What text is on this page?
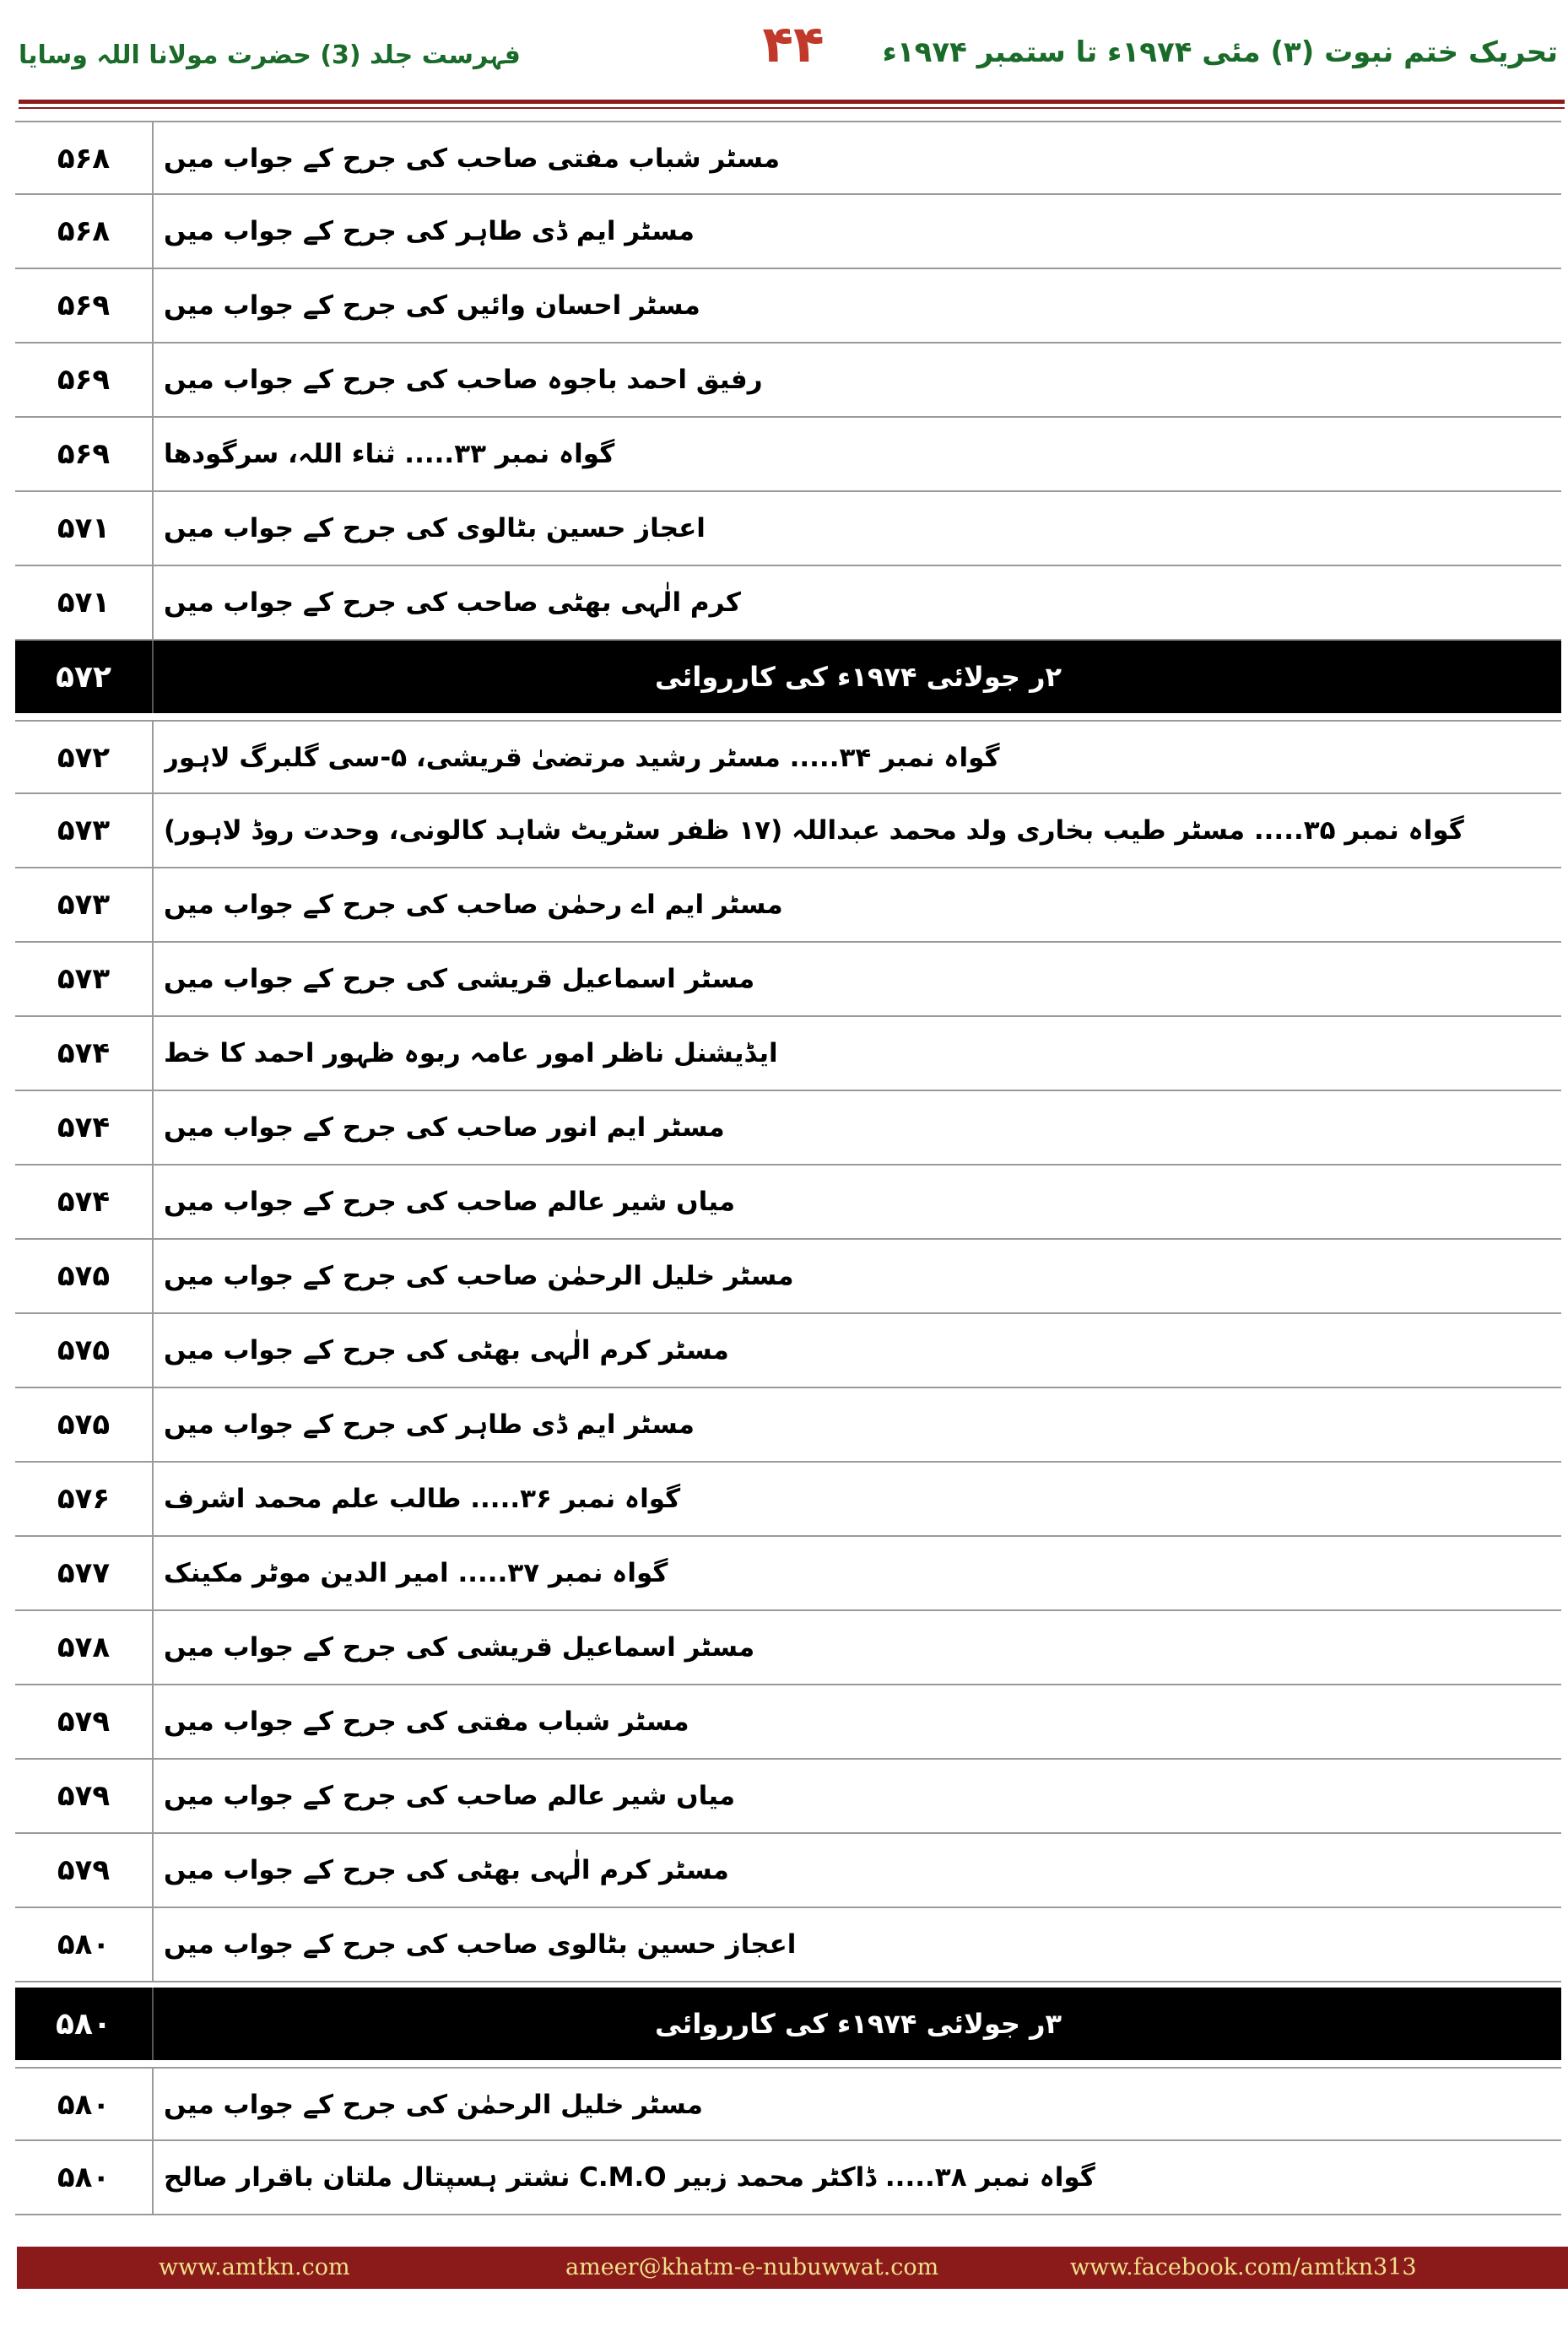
تحریک ختم نبوت (۳) مئی ۱۹۷۴ء تا ستمبر ۱۹۷۴ء
۴۴
فہرست جلد (3) حضرت مولانا اللہ وسایا
۵۶۸	مسٹر شباب مفتی صاحب کی جرح کے جواب میں
۵۶۸	مسٹر ایم ڈی طاہر کی جرح کے جواب میں
۵۶۹	مسٹر احسان وائیں کی جرح کے جواب میں
۵۶۹	رفیق احمد باجوہ صاحب کی جرح کے جواب میں
۵۶۹	گواہ نمبر ۳۳..... ثناء اللہ، سرگودھا
۵۷۱	اعجاز حسین بٹالوی کی جرح کے جواب میں
۵۷۱	کرم الٰہی بھٹی صاحب کی جرح کے جواب میں
۵۷۲	۲ر جولائی ۱۹۷۴ء کی کارروائی
۵۷۲	گواہ نمبر ۳۴..... مسٹر رشید مرتضیٰ قریشی، ۵-سی گلبرگ لاہور
۵۷۳	گواہ نمبر ۳۵..... مسٹر طیب بخاری ولد محمد عبداللہ (۱۷ ظفر سٹریٹ شاہد کالونی، وحدت روڈ لاہور)
۵۷۳	مسٹر ایم اے رحمٰن صاحب کی جرح کے جواب میں
۵۷۳	مسٹر اسماعیل قریشی کی جرح کے جواب میں
۵۷۴	ایڈیشنل ناظر امور عامہ ربوہ ظہور احمد کا خط
۵۷۴	مسٹر ایم انور صاحب کی جرح کے جواب میں
۵۷۴	میاں شیر عالم صاحب کی جرح کے جواب میں
۵۷۵	مسٹر خلیل الرحمٰن صاحب کی جرح کے جواب میں
۵۷۵	مسٹر کرم الٰہی بھٹی کی جرح کے جواب میں
۵۷۵	مسٹر ایم ڈی طاہر کی جرح کے جواب میں
۵۷۶	گواہ نمبر ۳۶..... طالب علم محمد اشرف
۵۷۷	گواہ نمبر ۳۷..... امیر الدین موٹر مکینک
۵۷۸	مسٹر اسماعیل قریشی کی جرح کے جواب میں
۵۷۹	مسٹر شباب مفتی کی جرح کے جواب میں
۵۷۹	میاں شیر عالم صاحب کی جرح کے جواب میں
۵۷۹	مسٹر کرم الٰہی بھٹی کی جرح کے جواب میں
۵۸۰	اعجاز حسین بٹالوی صاحب کی جرح کے جواب میں
۵۸۰	۳ر جولائی ۱۹۷۴ء کی کارروائی
۵۸۰	مسٹر خلیل الرحمٰن کی جرح کے جواب میں
۵۸۰	گواہ نمبر ۳۸..... ڈاکٹر محمد زبیر C.M.O نشتر ہسپتال ملتان باقرار صالح
www.amtkn.com	ameer@khatm-e-nubuwwat.com	www.facebook.com/amtkn313
